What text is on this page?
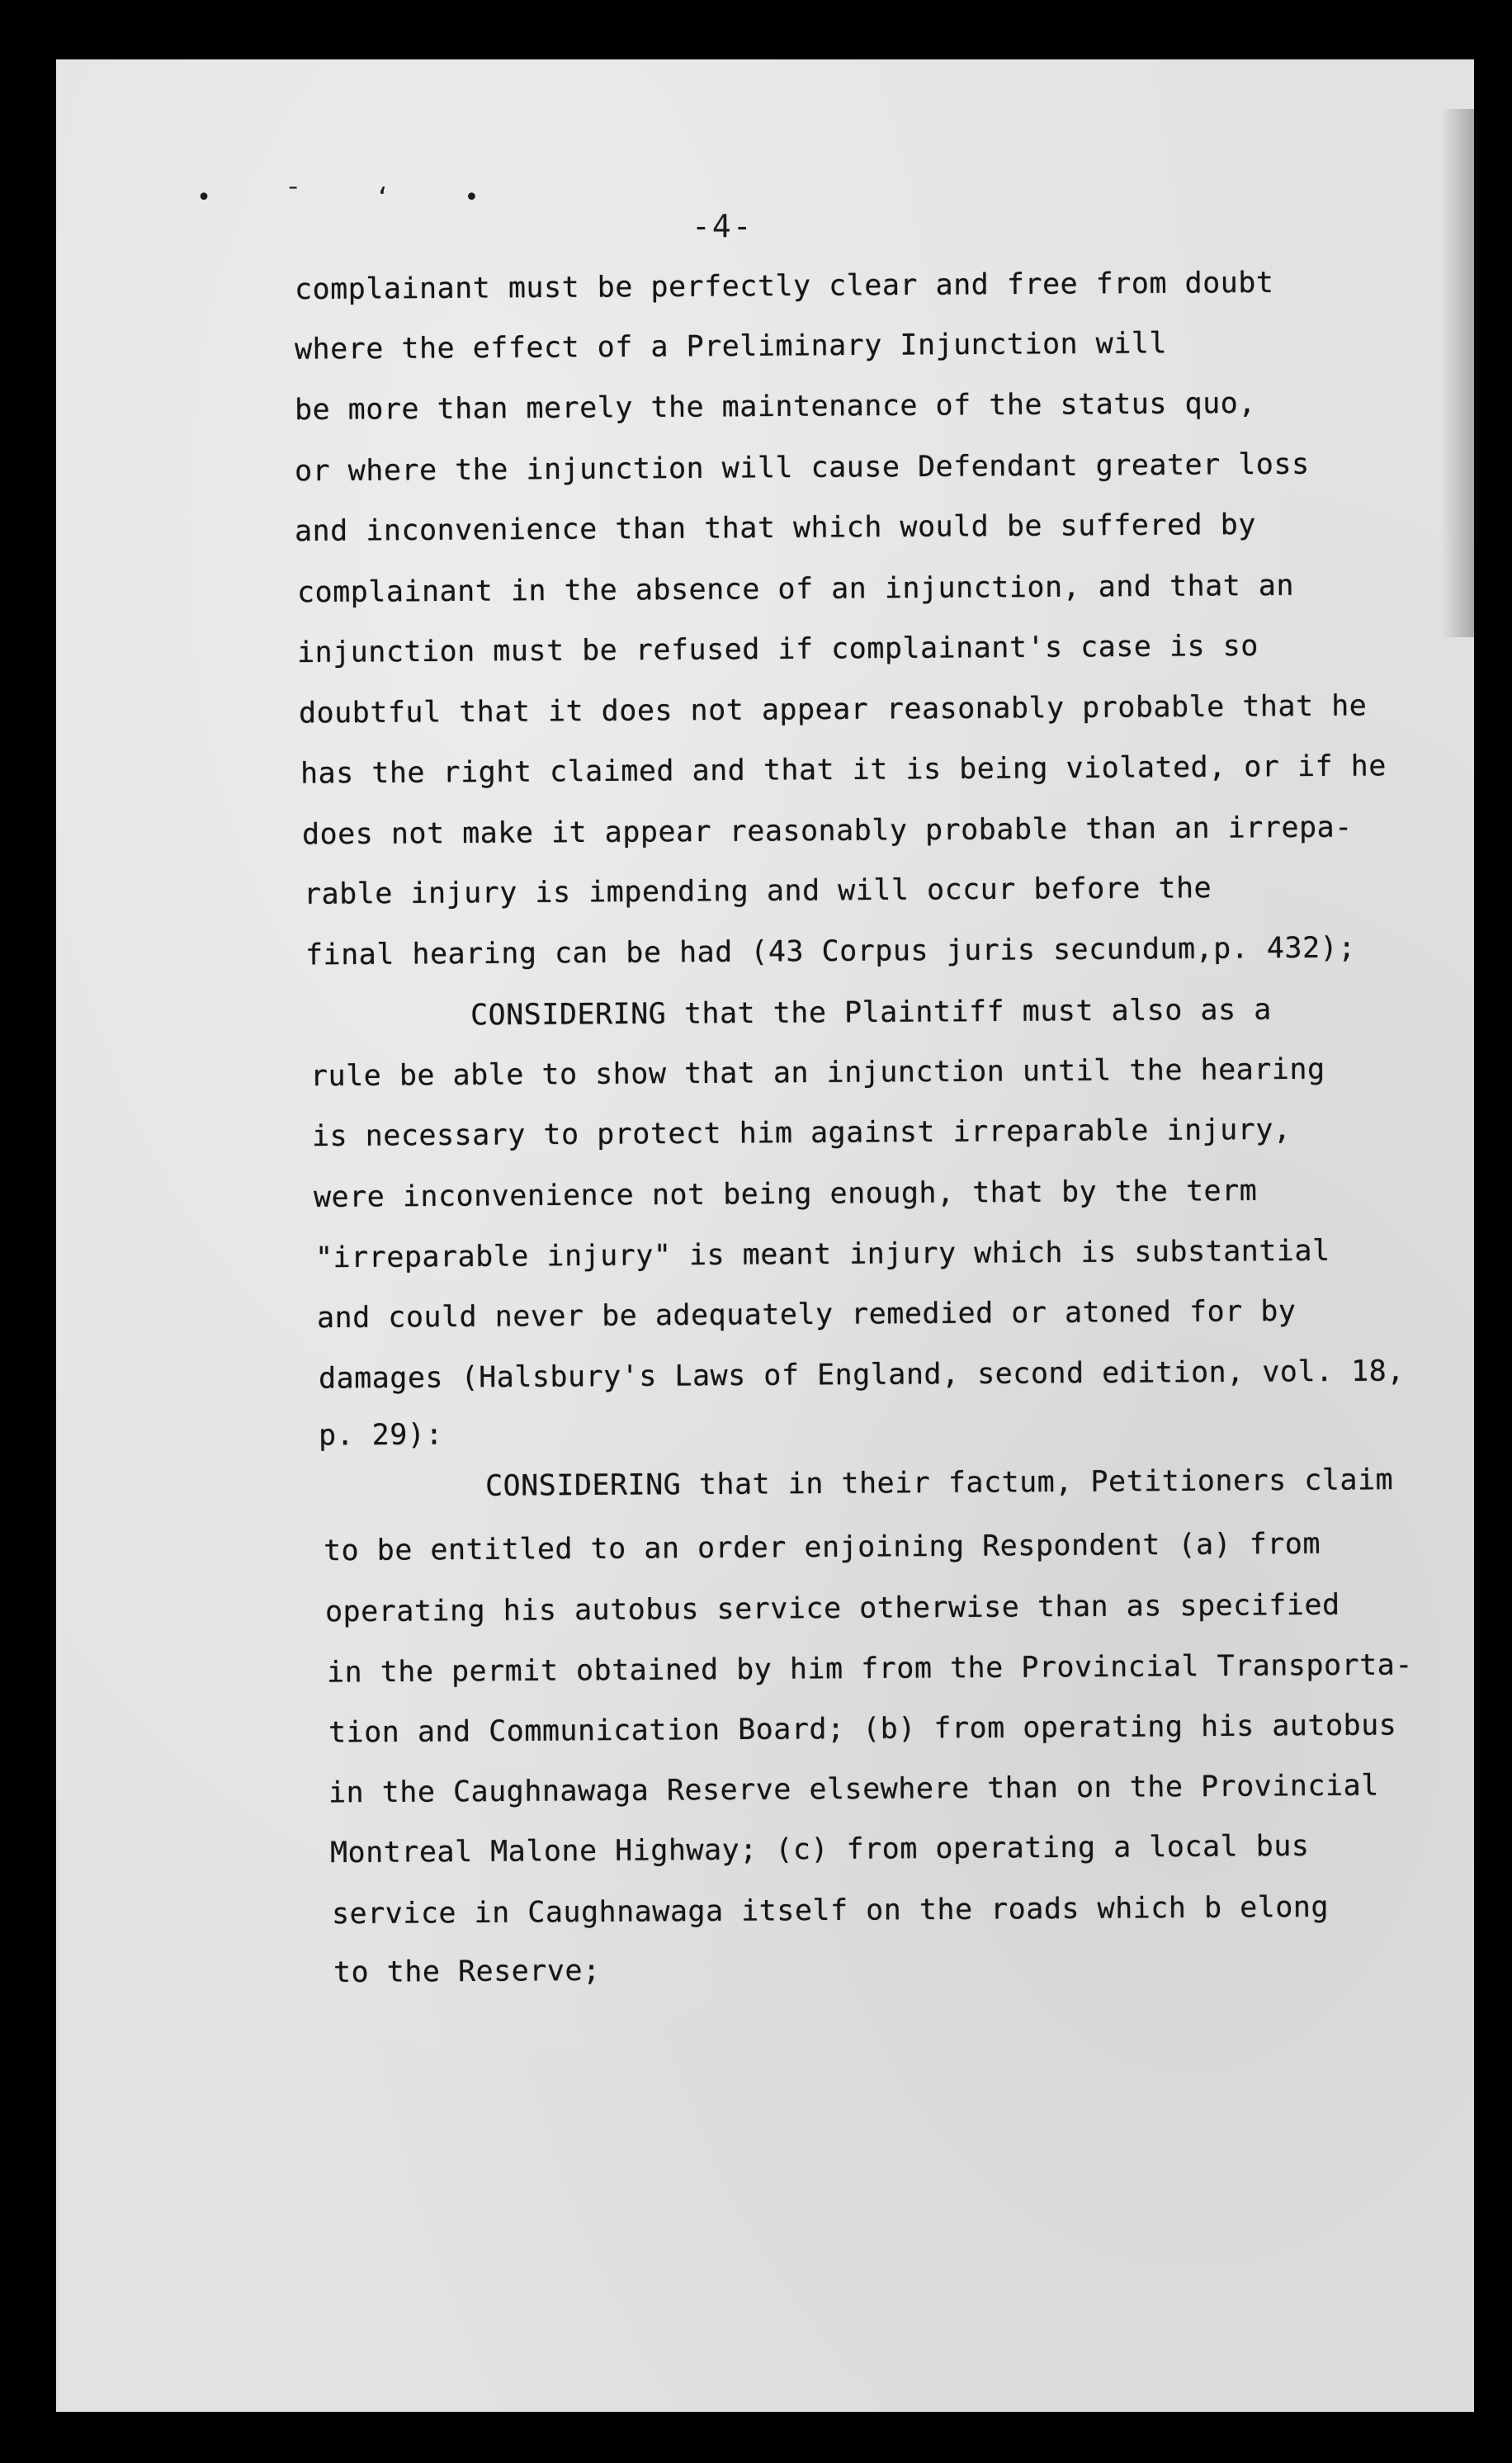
• ˉ ‘ •
-4-
complainant must be perfectly clear and free from doubt
where the effect of a Preliminary Injunction will
be more than merely the maintenance of the status quo,
or where the injunction will cause Defendant greater loss
and inconvenience than that which would be suffered by
complainant in the absence of an injunction, and that an
injunction must be refused if complainant's case is so
doubtful that it does not appear reasonably probable that he
has the right claimed and that it is being violated, or if he
does not make it appear reasonably probable than an irrepa-
rable injury is impending and will occur before the
final hearing can be had (43 Corpus juris secundum,p. 432);
CONSIDERING that the Plaintiff must also as a
rule be able to show that an injunction until the hearing
is necessary to protect him against irreparable injury,
were inconvenience not being enough, that by the term
"irreparable injury" is meant injury which is substantial
and could never be adequately remedied or atoned for by
damages (Halsbury's Laws of England, second edition, vol. 18,
p. 29):
CONSIDERING that in their factum, Petitioners claim
to be entitled to an order enjoining Respondent (a) from
operating his autobus service otherwise than as specified
in the permit obtained by him from the Provincial Transporta-
tion and Communication Board; (b) from operating his autobus
in the Caughnawaga Reserve elsewhere than on the Provincial
Montreal Malone Highway; (c) from operating a local bus
service in Caughnawaga itself on the roads which b elong
to the Reserve;
